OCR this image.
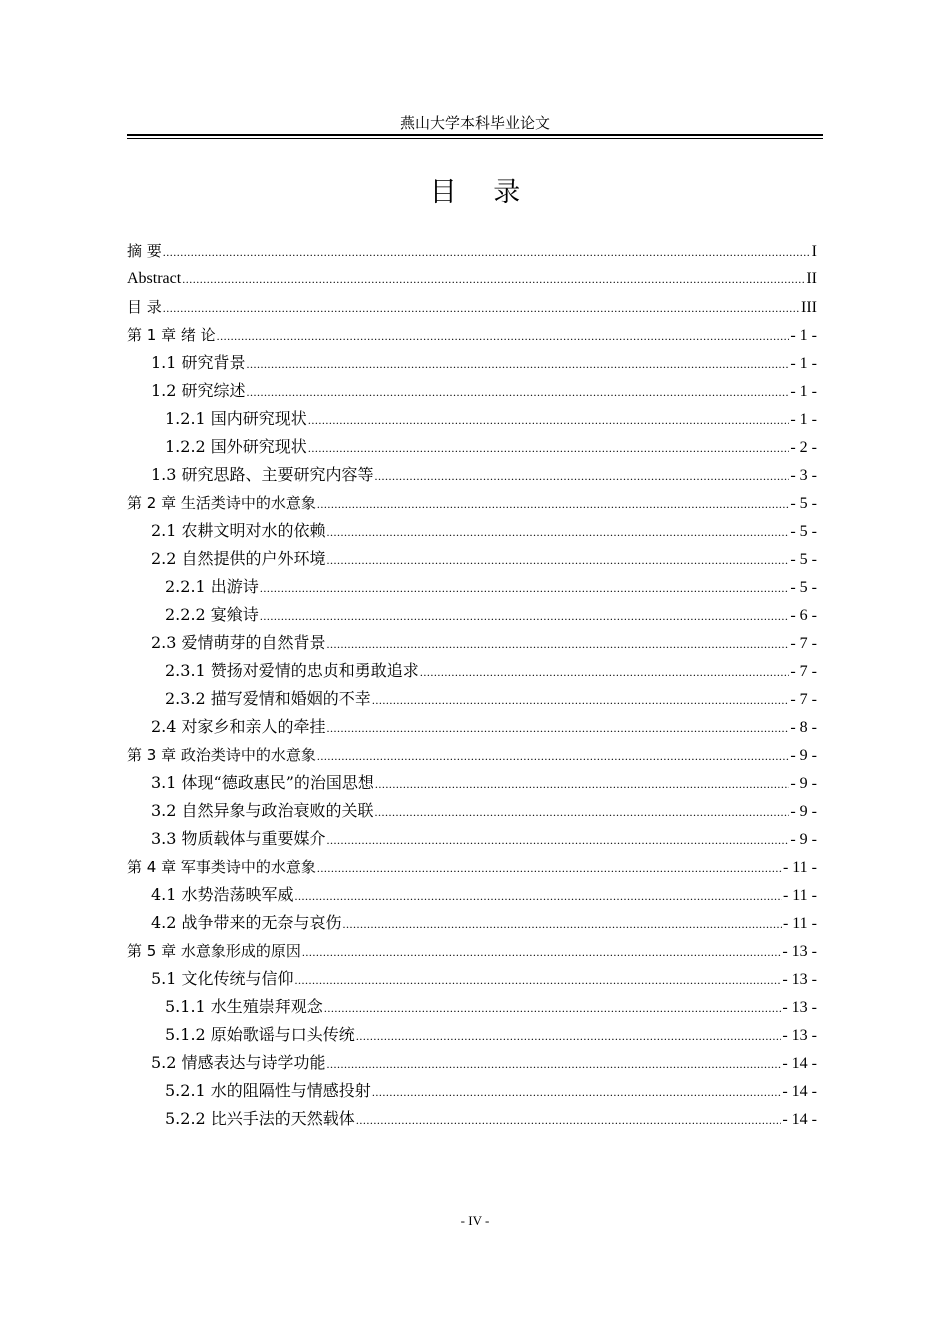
燕山大学本科毕业论文
目 录
摘 要 .....	I
Abstract .....	II
目 录 .....	III
第 1 章 绪 论 .....	- 1 -
1.1 研究背景 .....	- 1 -
1.2 研究综述 .....	- 1 -
1.2.1 国内研究现状 .....	- 1 -
1.2.2 国外研究现状 .....	- 2 -
1.3 研究思路、主要研究内容等 .....	- 3 -
第 2 章 生活类诗中的水意象 .....	- 5 -
2.1 农耕文明对水的依赖 .....	- 5 -
2.2 自然提供的户外环境 .....	- 5 -
2.2.1 出游诗 .....	- 5 -
2.2.2 宴飨诗 .....	- 6 -
2.3 爱情萌芽的自然背景 .....	- 7 -
2.3.1 赞扬对爱情的忠贞和勇敢追求 .....	- 7 -
2.3.2 描写爱情和婚姻的不幸 .....	- 7 -
2.4 对家乡和亲人的牵挂 .....	- 8 -
第 3 章 政治类诗中的水意象 .....	- 9 -
3.1 体现“德政惠民”的治国思想 .....	- 9 -
3.2 自然异象与政治衰败的关联 .....	- 9 -
3.3 物质载体与重要媒介 .....	- 9 -
第 4 章 军事类诗中的水意象 .....	- 11 -
4.1 水势浩荡映军威 .....	- 11 -
4.2 战争带来的无奈与哀伤 .....	- 11 -
第 5 章 水意象形成的原因 .....	- 13 -
5.1 文化传统与信仰 .....	- 13 -
5.1.1 水生殖崇拜观念 .....	- 13 -
5.1.2 原始歌谣与口头传统 .....	- 13 -
5.2 情感表达与诗学功能 .....	- 14 -
5.2.1 水的阻隔性与情感投射 .....	- 14 -
5.2.2 比兴手法的天然载体 .....	- 14 -
- IV -
